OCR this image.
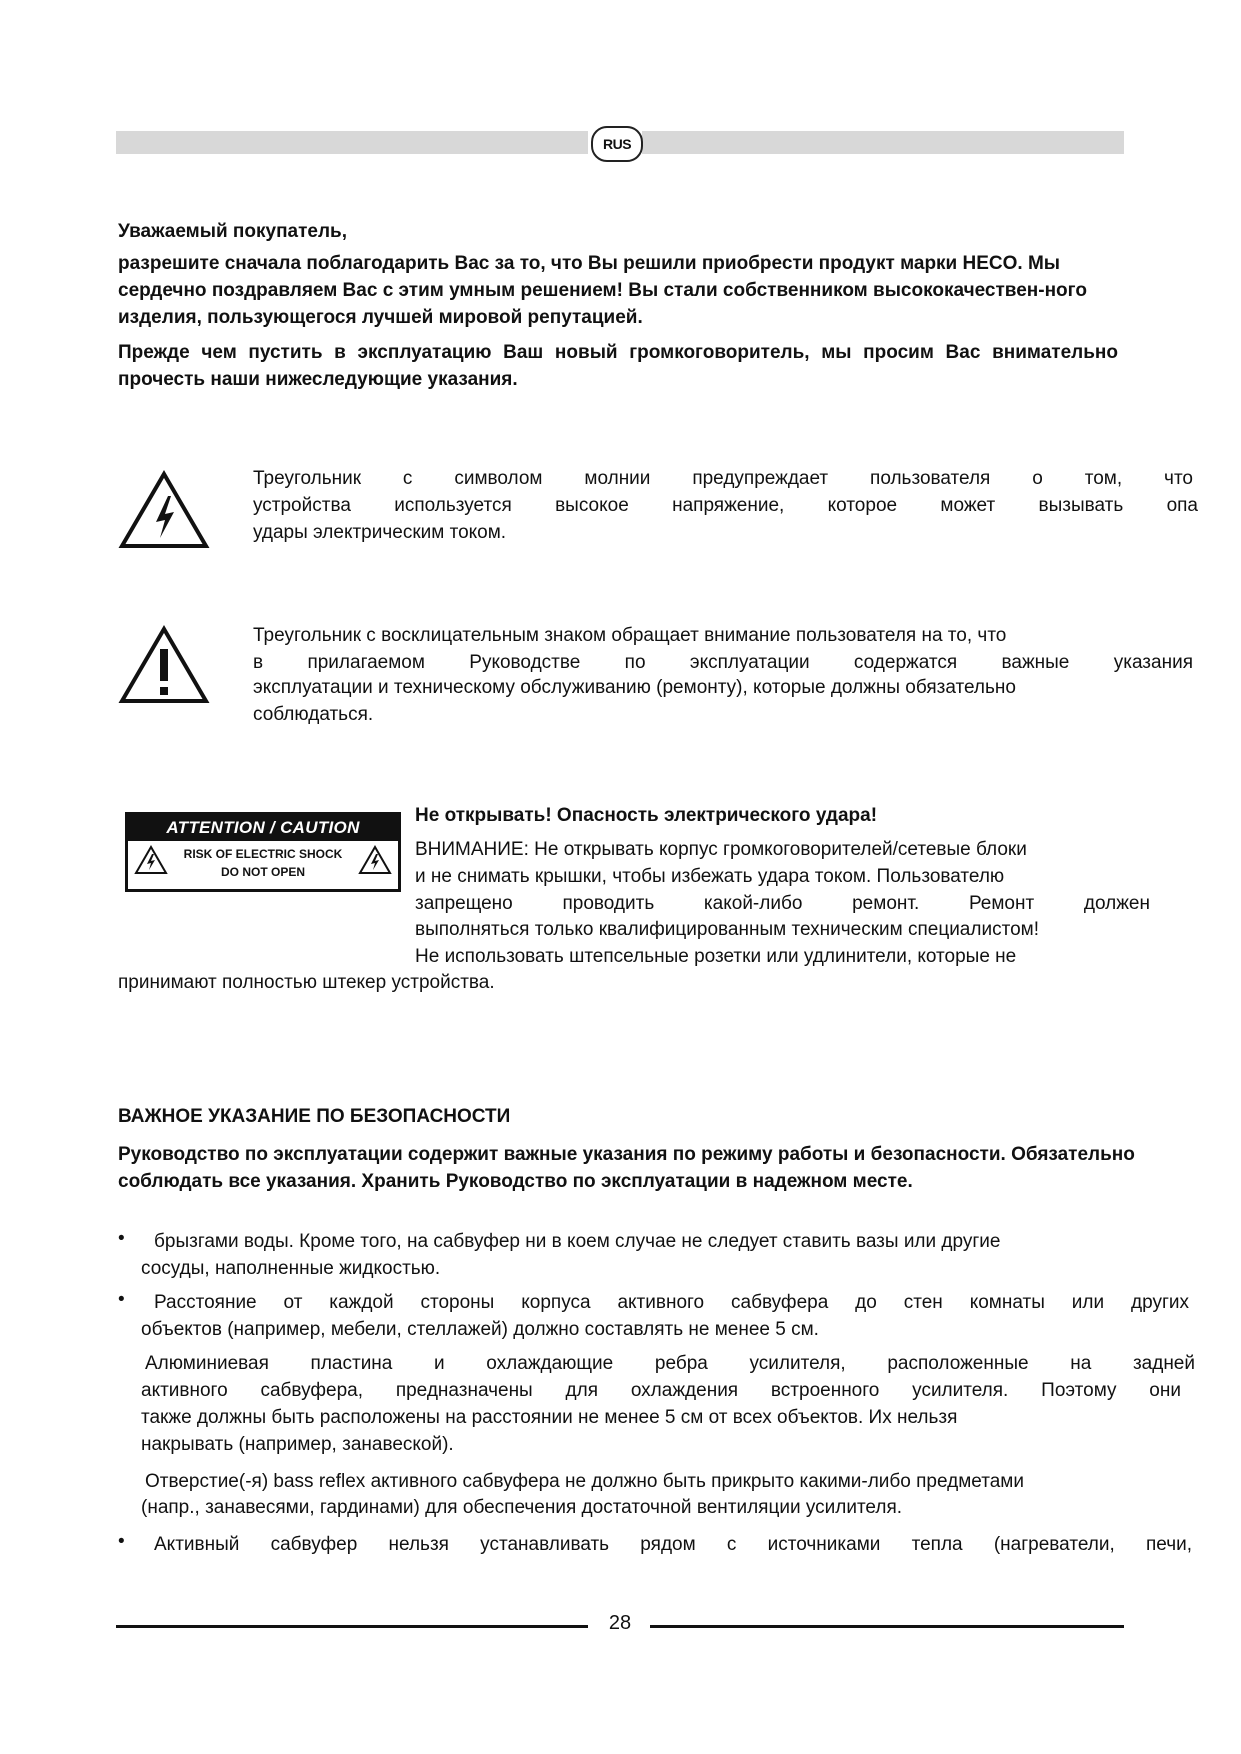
RUS
Уважаемый покупатель,
разрешите сначала поблагодарить Вас за то, что Вы решили приобрести продукт марки HECO. Мы сердечно поздравляем Вас с этим умным решением! Вы стали собственником высококачествен-ного изделия, пользующегося лучшей мировой репутацией.
Прежде чем пустить в эксплуатацию Ваш новый громкоговоритель, мы просим Вас внимательно прочесть наши нижеследующие указания.
Треугольник с символом молнии предупреждает пользователя о том, что
устройства используется высокое напряжение, которое может вызывать опа
удары электрическим током.
Треугольник с восклицательным знаком обращает внимание пользователя на то, что
в прилагаемом Руководстве по эксплуатации содержатся важные указания
эксплуатации и техническому обслуживанию (ремонту), которые должны обязательно
соблюдаться.
ATTENTION / CAUTION
RISK OF ELECTRIC SHOCK
DO NOT OPEN
Не открывать! Опасность электрического удара!
ВНИМАНИЕ: Не открывать корпус громкоговорителей/сетевые блоки
и не снимать крышки, чтобы избежать удара током. Пользователю
запрещено проводить какой-либо ремонт. Ремонт должен
выполняться только квалифицированным техническим специалистом!
Не использовать штепсельные розетки или удлинители, которые не
принимают полностью штекер устройства.
ВАЖНОЕ УКАЗАНИЕ ПО БЕЗОПАСНОСТИ
Руководство по эксплуатации содержит важные указания по режиму работы и безопасности. Обязательно соблюдать все указания. Хранить Руководство по эксплуатации в надежном месте.
• брызгами воды. Кроме того, на сабвуфер ни в коем случае не следует ставить вазы или другие
сосуды, наполненные жидкостью.
• Расстояние от каждой стороны корпуса активного сабвуфера до стен комнаты или других
объектов (например, мебели, стеллажей) должно составлять не менее 5 см.
Алюминиевая пластина и охлаждающие ребра усилителя, расположенные на задней
активного сабвуфера, предназначены для охлаждения встроенного усилителя. Поэтому они
также должны быть расположены на расстоянии не менее 5 см от всех объектов. Их нельзя
накрывать (например, занавеской).
Отверстие(-я) bass reflex активного сабвуфера не должно быть прикрыто какими-либо предметами
(напр., занавесями, гардинами) для обеспечения достаточной вентиляции усилителя.
• Активный сабвуфер нельзя устанавливать рядом с источниками тепла (нагреватели, печи,
28
